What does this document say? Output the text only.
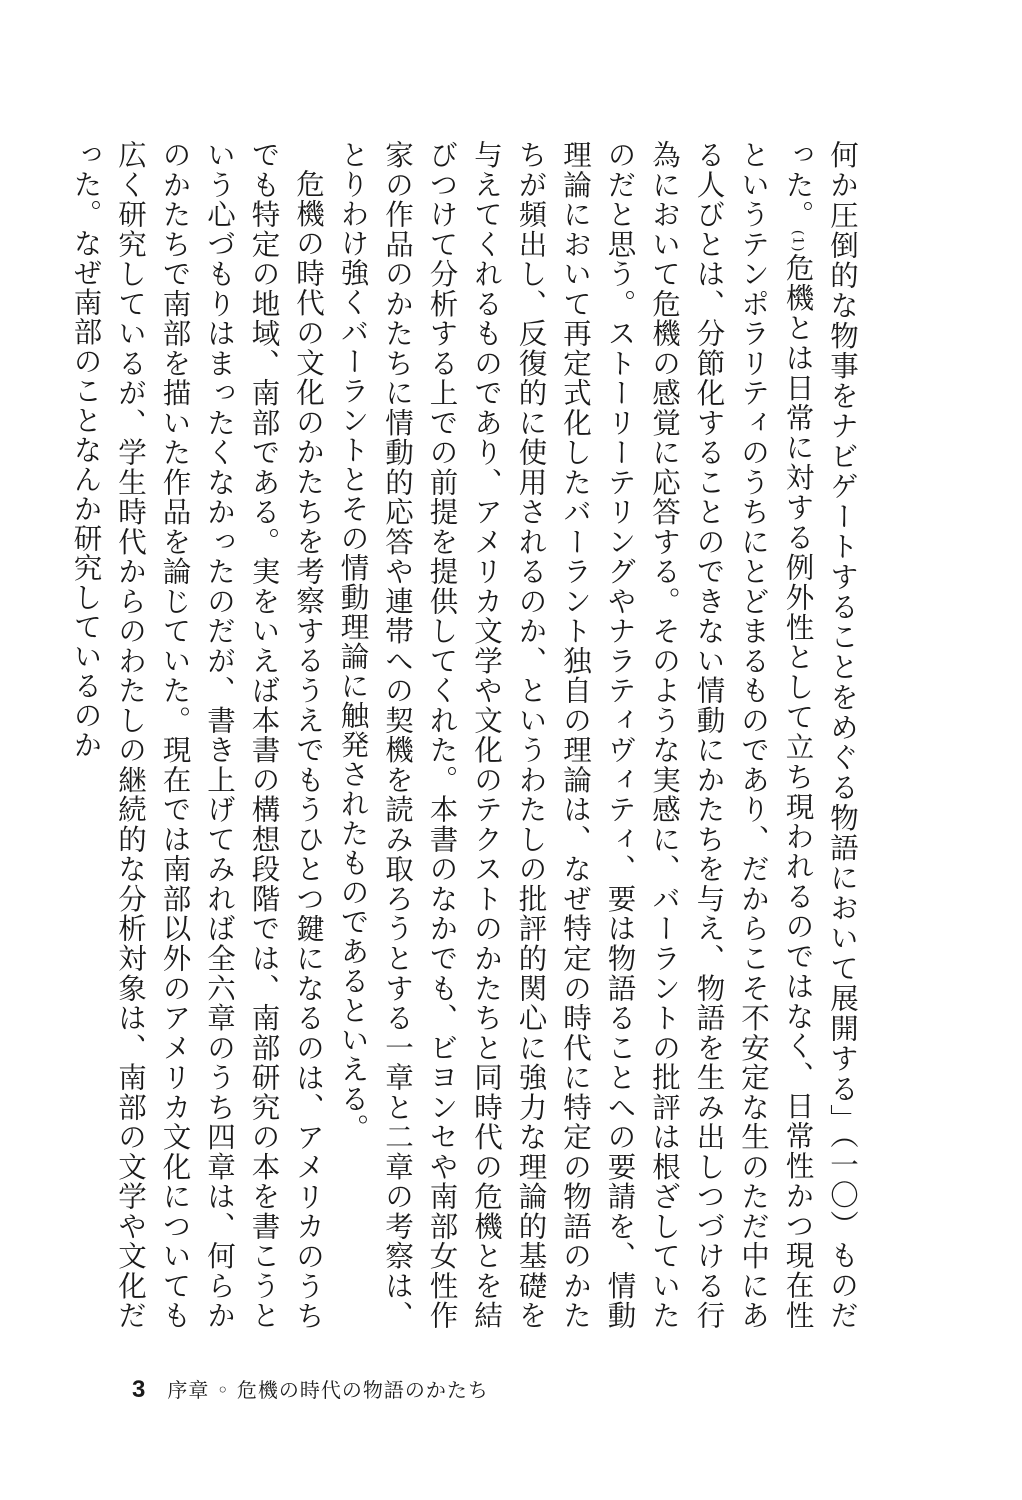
何か圧倒的な物事をナビゲートすることをめぐる物語において展開する」（一〇）ものだった。(1)危機とは日常に対する例外性として立ち現われるのではなく、日常性かつ現在性というテンポラリティのうちにとどまるものであり、だからこそ不安定な生のただ中にある人びとは、分節化することのできない情動にかたちを与え、物語を生み出しつづける行為において危機の感覚に応答する。そのような実感に、バーラントの批評は根ざしていたのだと思う。ストーリーテリングやナラティヴィティ、要は物語ることへの要請を、情動理論において再定式化したバーラント独自の理論は、なぜ特定の時代に特定の物語のかたちが頻出し、反復的に使用されるのか、というわたしの批評的関心に強力な理論的基礎を与えてくれるものであり、アメリカ文学や文化のテクストのかたちと同時代の危機とを結びつけて分析する上での前提を提供してくれた。本書のなかでも、ビヨンセや南部女性作家の作品のかたちに情動的応答や連帯への契機を読み取ろうとする一章と二章の考察は、とりわけ強くバーラントとその情動理論に触発されたものであるといえる。

危機の時代の文化のかたちを考察するうえでもうひとつ鍵になるのは、アメリカのうちでも特定の地域、南部である。実をいえば本書の構想段階では、南部研究の本を書こうという心づもりはまったくなかったのだが、書き上げてみれば全六章のうち四章は、何らかのかたちで南部を描いた作品を論じていた。現在では南部以外のアメリカ文化についても広く研究しているが、学生時代からのわたしの継続的な分析対象は、南部の文学や文化だった。なぜ南部のことなんか研究しているのか

3 序章 ◦ 危機の時代の物語のかたち
